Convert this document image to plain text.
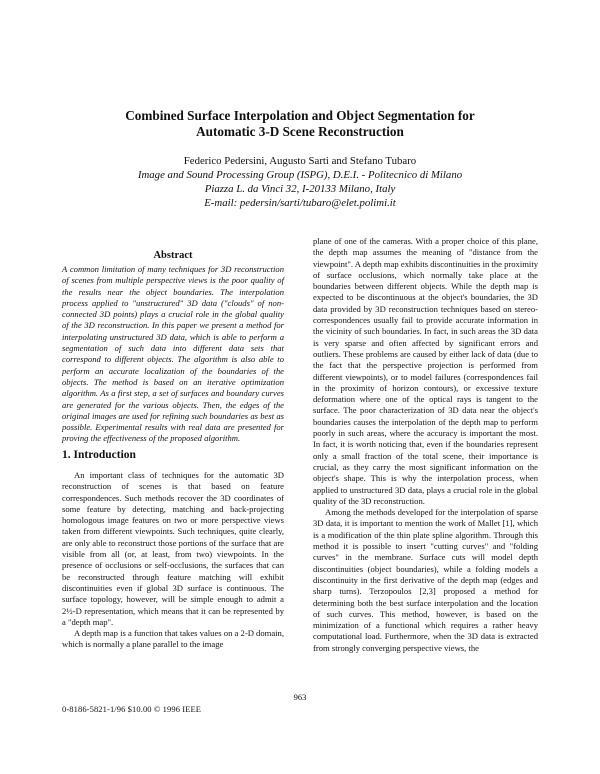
Combined Surface Interpolation and Object Segmentation for
Automatic 3-D Scene Reconstruction
Federico Pedersini, Augusto Sarti and Stefano Tubaro
Image and Sound Processing Group (ISPG), D.E.I. - Politecnico di Milano
Piazza L. da Vinci 32, I-20133 Milano, Italy
E-mail: pedersin/sarti/tubaro@elet.polimi.it
Abstract
A common limitation of many techniques for 3D reconstruction of scenes from multiple perspective views is the poor quality of the results near the object boundaries. The interpolation process applied to "unstructured" 3D data ("clouds" of non-connected 3D points) plays a crucial role in the global quality of the 3D reconstruction. In this paper we present a method for interpolating unstructured 3D data, which is able to perform a segmentation of such data into different data sets that correspond to different objects. The algorithm is also able to perform an accurate localization of the boundaries of the objects. The method is based on an iterative optimization algorithm. As a first step, a set of surfaces and boundary curves are generated for the various objects. Then, the edges of the original images are used for refining such boundaries as best as possible. Experimental results with real data are presented for proving the effectiveness of the proposed algorithm.
1. Introduction

An important class of techniques for the automatic 3D reconstruction of scenes is that based on feature correspondences. Such methods recover the 3D coordinates of some feature by detecting, matching and back-projecting homologous image features on two or more perspective views taken from different viewpoints. Such techniques, quite clearly, are only able to reconstruct those portions of the surface that are visible from all (or, at least, from two) viewpoints. In the presence of occlusions or self-occlusions, the surfaces that can be reconstructed through feature matching will exhibit discontinuities even if global 3D surface is continuous. The surface topology, however, will be simple enough to admit a 2½-D representation, which means that it can be represented by a "depth map".

A depth map is a function that takes values on a 2-D domain, which is normally a plane parallel to the image

plane of one of the cameras. With a proper choice of this plane, the depth map assumes the meaning of "distance from the viewpoint". A depth map exhibits discontinuities in the proximity of surface occlusions, which normally take place at the boundaries between different objects. While the depth map is expected to be discontinuous at the object's boundaries, the 3D data provided by 3D reconstruction techniques based on stereo-correspondences usually fail to provide accurate information in the vicinity of such boundaries. In fact, in such areas the 3D data is very sparse and often affected by significant errors and outliers. These problems are caused by either lack of data (due to the fact that the perspective projection is performed from different viewpoints), or to model failures (correspondences fail in the proximity of horizon contours), or excessive texture deformation where one of the optical rays is tangent to the surface. The poor characterization of 3D data near the object's boundaries causes the interpolation of the depth map to perform poorly in such areas, where the accuracy is important the most. In fact, it is worth noticing that, even if the boundaries represent only a small fraction of the total scene, their importance is crucial, as they carry the most significant information on the object's shape. This is why the interpolation process, when applied to unstructured 3D data, plays a crucial role in the global quality of the 3D reconstruction.

Among the methods developed for the interpolation of sparse 3D data, it is important to mention the work of Mallet [1], which is a modification of the thin plate spline algorithm. Through this method it is possible to insert "cutting curves" and "folding curves" in the membrane. Surface cuts will model depth discontinuities (object boundaries), while a folding models a discontinuity in the first derivative of the depth map (edges and sharp turns). Terzopoulos [2,3] proposed a method for determining both the best surface interpolation and the location of such curves. This method, however, is based on the minimization of a functional which requires a rather heavy computational load. Furthermore, when the 3D data is extracted from strongly converging perspective views, the

963
0-8186-5821-1/96 $10.00 © 1996 IEEE
